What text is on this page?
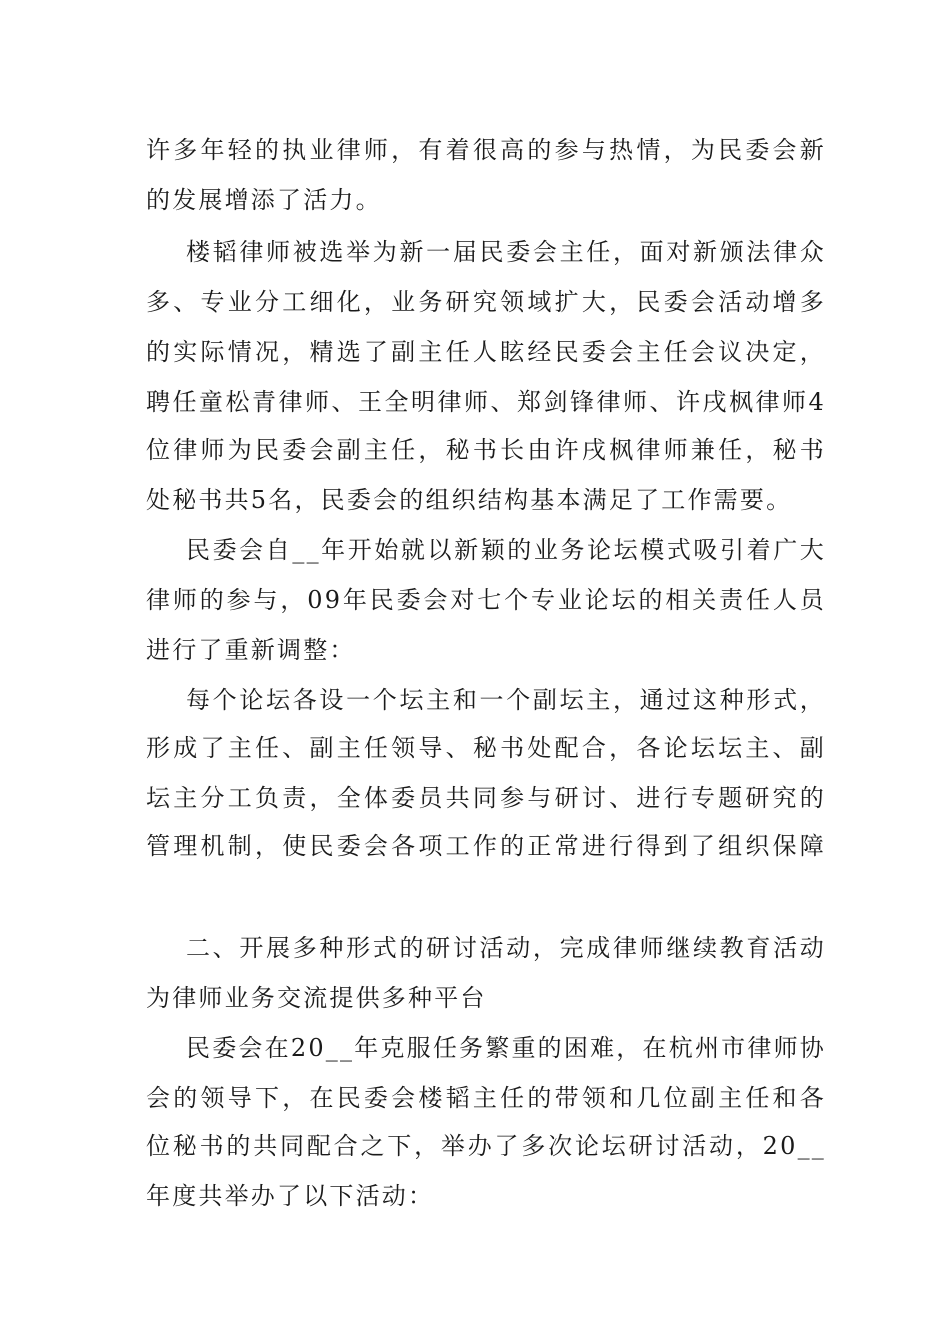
许多年轻的执业律师，有着很高的参与热情，为民委会新
的发展增添了活力。
楼韬律师被选举为新一届民委会主任，面对新颁法律众
多、专业分工细化，业务研究领域扩大，民委会活动增多
的实际情况，精选了副主任人眩经民委会主任会议决定，
聘任童松青律师、王全明律师、郑剑锋律师、许戌枫律师4
位律师为民委会副主任，秘书长由许戌枫律师兼任，秘书
处秘书共5名，民委会的组织结构基本满足了工作需要。
民委会自__年开始就以新颖的业务论坛模式吸引着广大
律师的参与，09年民委会对七个专业论坛的相关责任人员
进行了重新调整：
每个论坛各设一个坛主和一个副坛主，通过这种形式，
形成了主任、副主任领导、秘书处配合，各论坛坛主、副
坛主分工负责，全体委员共同参与研讨、进行专题研究的
管理机制，使民委会各项工作的正常进行得到了组织保障
二、开展多种形式的研讨活动，完成律师继续教育活动
为律师业务交流提供多种平台
民委会在20__年克服任务繁重的困难，在杭州市律师协
会的领导下，在民委会楼韬主任的带领和几位副主任和各
位秘书的共同配合之下，举办了多次论坛研讨活动，20__
年度共举办了以下活动：
